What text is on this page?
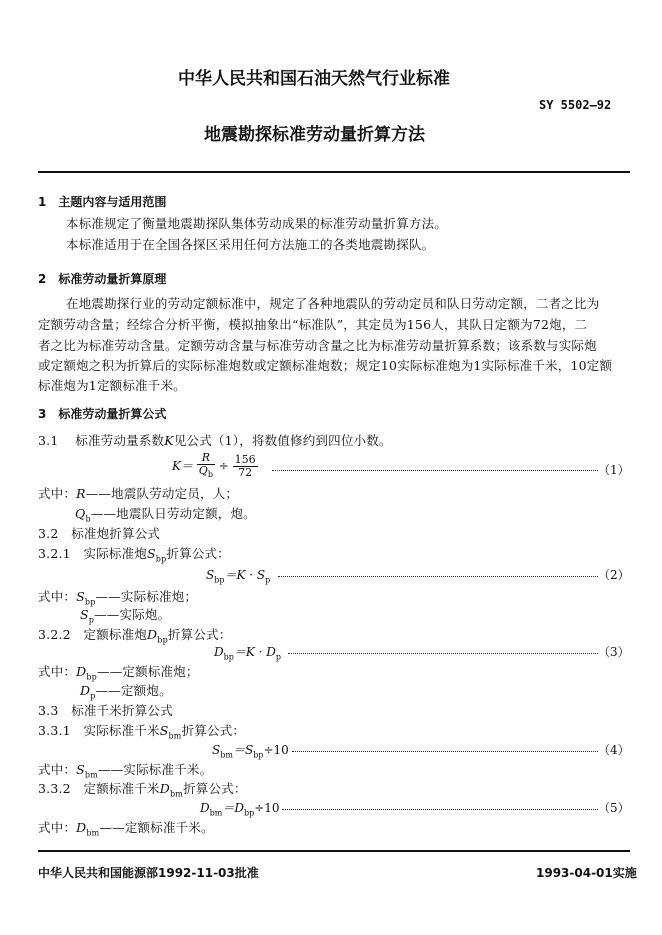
中华人民共和国石油天然气行业标准
SY 5502—92
地震勘探标准劳动量折算方法
1　主题内容与适用范围
本标准规定了衡量地震勘探队集体劳动成果的标准劳动量折算方法。
本标准适用于在全国各探区采用任何方法施工的各类地震勘探队。
2　标准劳动量折算原理
在地震勘探行业的劳动定额标准中，规定了各种地震队的劳动定员和队日劳动定额，二者之比为
定额劳动含量；经综合分析平衡，模拟抽象出“标准队”，其定员为156人，其队日定额为72炮，二
者之比为标准劳动含量。定额劳动含量与标准劳动含量之比为标准劳动量折算系数；该系数与实际炮
或定额炮之积为折算后的实际标准炮数或定额标准炮数；规定10实际标准炮为1实际标准千米，10定额
标准炮为1定额标准千米。
3　标准劳动量折算公式
3.1　 标准劳动量系数K见公式（1），将数值修约到四位小数。
$K= \frac{R}{Q_b} \div \frac{156}{72}$	（1）
式中：R——地震队劳动定员，人；
$Q_b——$地震队日劳动定额，炮。
3.2　 标准炮折算公式
3.2.1　 实际标准炮$S_{bp}$折算公式：
$S_{bp}=K \cdot S_p$	（2）
式中：$S_{bp}——$实际标准炮；
$S_p——$实际炮。
3.2.2　 定额标准炮$D_{bp}$折算公式：
$D_{bp}=K \cdot D_p$	（3）
式中：$D_{bp}——$定额标准炮；
$D_p——$定额炮。
3.3　 标准千米折算公式
3.3.1　 实际标准千米$S_{bm}$折算公式：
$S_{bm}=S_{bp}\div 10$	（4）
式中：$S_{bm}——$实际标准千米。
3.3.2　 定额标准千米$D_{bm}$折算公式：
$D_{bm}=D_{bp}\div 10$	（5）
式中：$D_{bm}——$定额标准千米。
中华人民共和国能源部1992-11-03批准	1993-04-01实施
